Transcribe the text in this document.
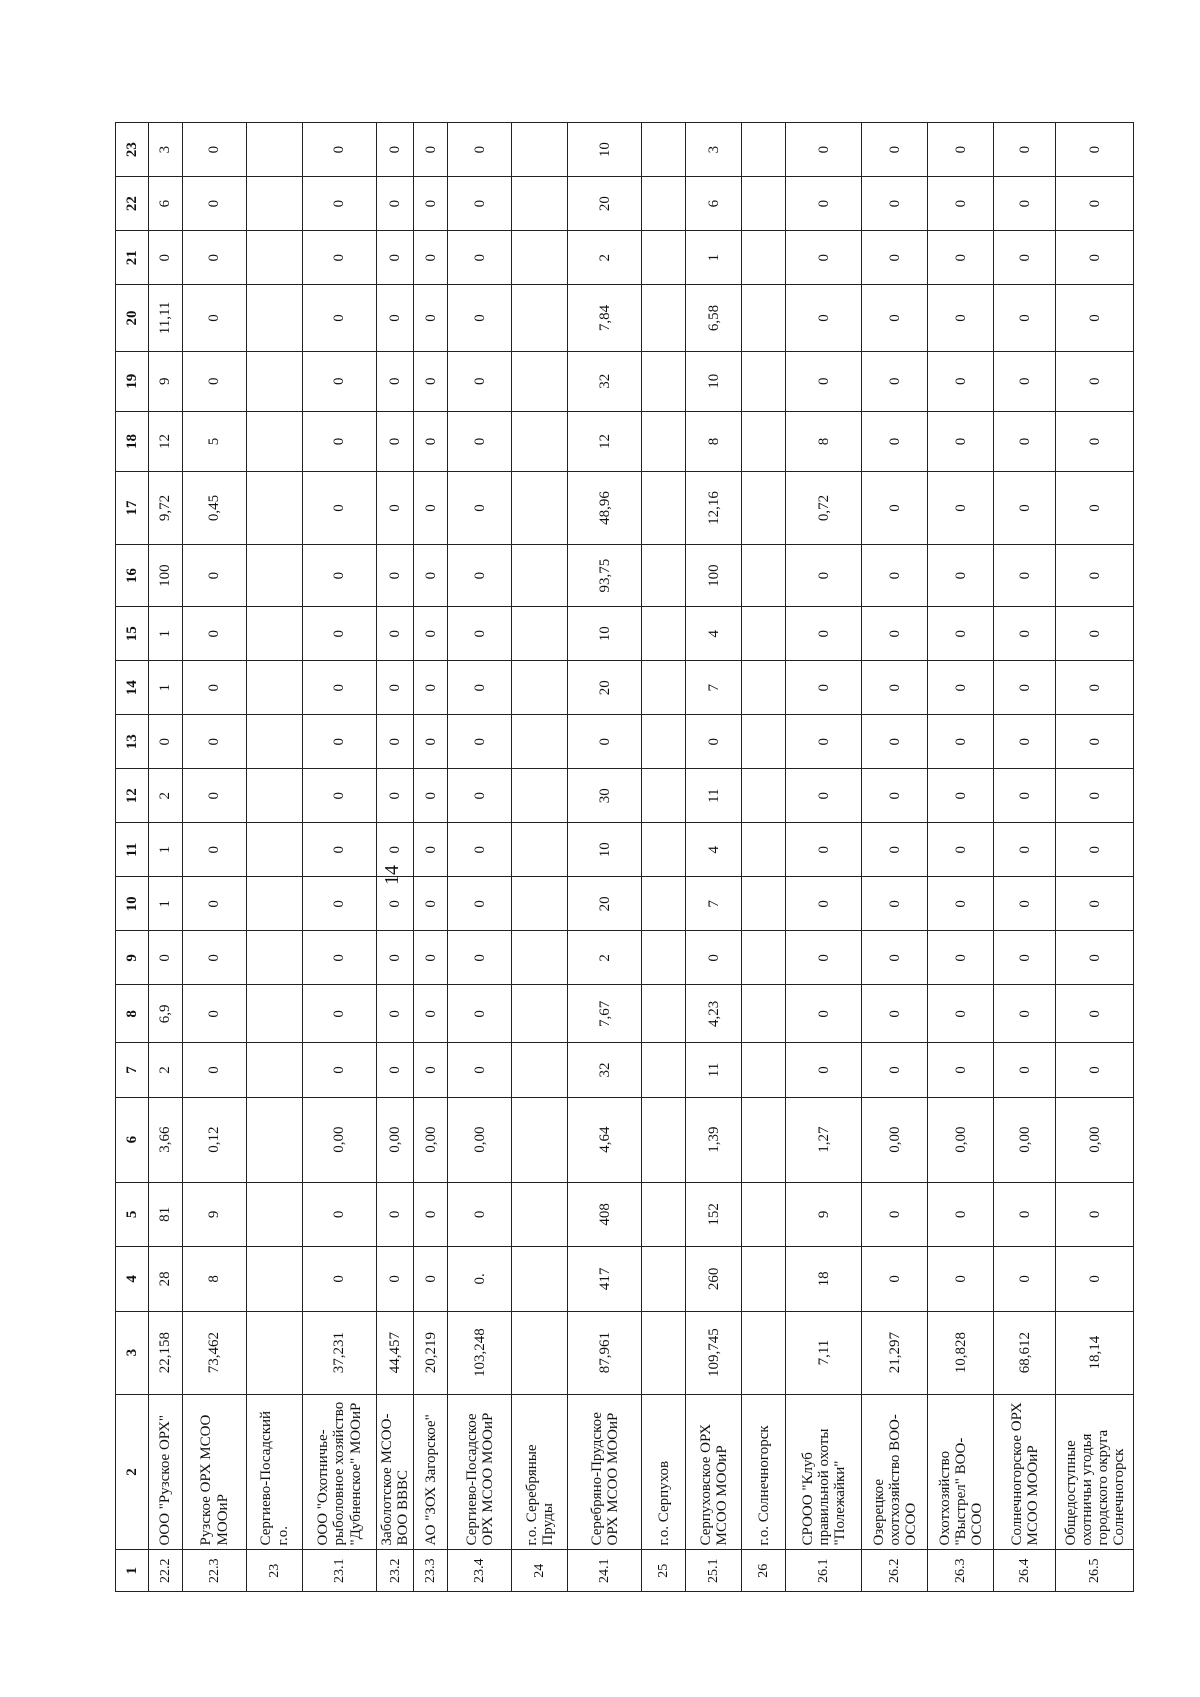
1	2	3	4	5	6	7	8	9	10	11	12	13	14	15	16	17	18	19	20	21	22	23
22.2	ООО "Рузское ОРХ"	22,158	28	81	3,66	2	6,9	0	1	1	2	0	1	1	100	9,72	12	9	11,11	0	6	3
22.3	Рузское ОРХ МСОО МООиР	73,462	8	9	0,12	0	0	0	0	0	0	0	0	0	0	0,45	5	0	0	0	0	0
23	Сергиево-Посадский г.о.																					
23.1	ООО "Охотничье-рыболовное хозяйство "Дубненское" МООиР	37,231	0	0	0,00	0	0	0	0	0	0	0	0	0	0	0	0	0	0	0	0	0
23.2	Заболотское МСОО-ВОО ВВВС	44,457	0	0	0,00	0	0	0	0	0	0	0	0	0	0	0	0	0	0	0	0	0
23.3	АО "ЗОХ Загорское"	20,219	0	0	0,00	0	0	0	0	0	0	0	0	0	0	0	0	0	0	0	0	0
23.4	Сергиево-Посадское ОРХ МСОО МООиР	103,248	0.	0	0,00	0	0	0	0	0	0	0	0	0	0	0	0	0	0	0	0	0
24	г.о. Серебряные Пруды																					
24.1	Серебряно-Прудское ОРХ МСОО МООиР	87,961	417	408	4,64	32	7,67	2	20	10	30	0	20	10	93,75	48,96	12	32	7,84	2	20	10
25	г.о. Серпухов																					
25.1	Серпуховское ОРХ МСОО МООиР	109,745	260	152	1,39	11	4,23	0	7	4	11	0	7	4	100	12,16	8	10	6,58	1	6	3
26	г.о. Солнечногорск																					
26.1	СРООО "Клуб правильной охоты "Полежайки"	7,11	18	9	1,27	0	0	0	0	0	0	0	0	0	0	0,72	8	0	0	0	0	0
26.2	Озерецкое охотхозяйство ВОО-ОСОО	21,297	0	0	0,00	0	0	0	0	0	0	0	0	0	0	0	0	0	0	0	0	0
26.3	Охотхозяйство "Выстрел" ВОО-ОСОО	10,828	0	0	0,00	0	0	0	0	0	0	0	0	0	0	0	0	0	0	0	0	0
26.4	Солнечногорское ОРХ МСОО МООиР	68,612	0	0	0,00	0	0	0	0	0	0	0	0	0	0	0	0	0	0	0	0	0
26.5	Общедоступные охотничьи угодья городского округа Солнечногорск	18,14	0	0	0,00	0	0	0	0	0	0	0	0	0	0	0	0	0	0	0	0	0
14
